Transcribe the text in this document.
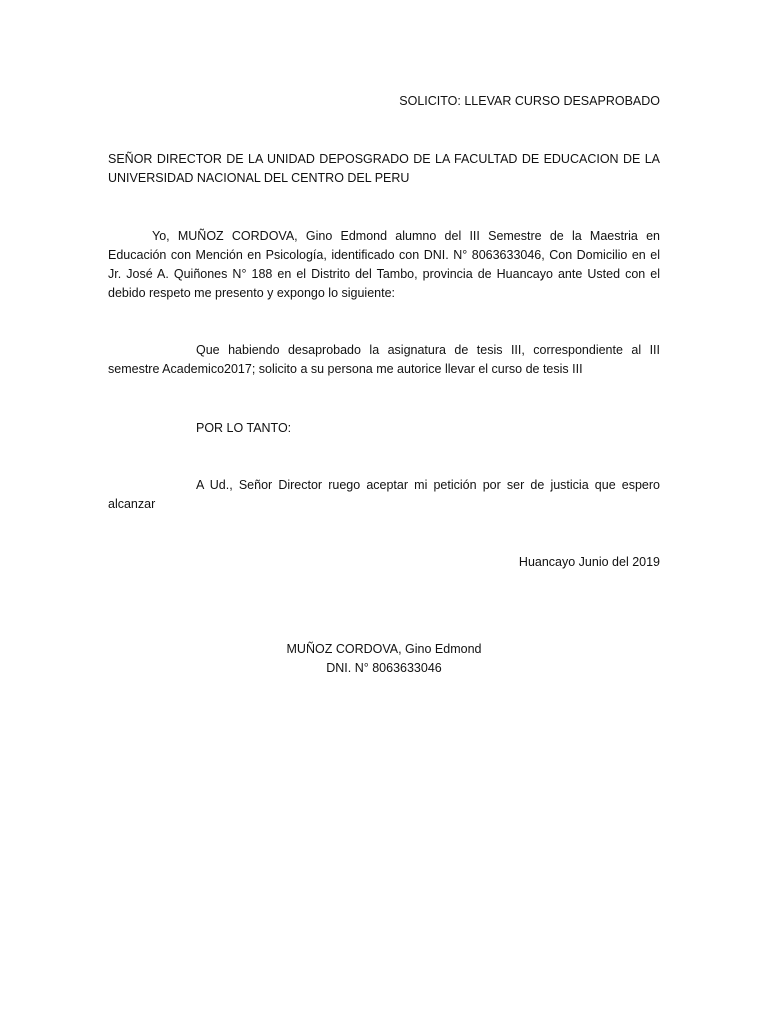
SOLICITO: LLEVAR CURSO DESAPROBADO

SEÑOR DIRECTOR DE LA UNIDAD DEPOSGRADO DE LA FACULTAD DE EDUCACION DE LA UNIVERSIDAD NACIONAL DEL CENTRO DEL PERU

Yo, MUÑOZ CORDOVA, Gino Edmond alumno del III Semestre de la Maestria en Educación con Mención en Psicología, identificado con DNI. N° 8063633046, Con Domicilio en el Jr. José A. Quiñones N° 188 en el Distrito del Tambo, provincia de Huancayo ante Usted con el debido respeto me presento y expongo lo siguiente:

Que habiendo desaprobado la asignatura de tesis III, correspondiente al III semestre Academico2017; solicito a su persona me autorice llevar el curso de tesis III

POR LO TANTO:

A Ud., Señor Director ruego aceptar mi petición por ser de justicia que espero alcanzar

Huancayo Junio del 2019

MUÑOZ CORDOVA, Gino Edmond
DNI. N° 8063633046
